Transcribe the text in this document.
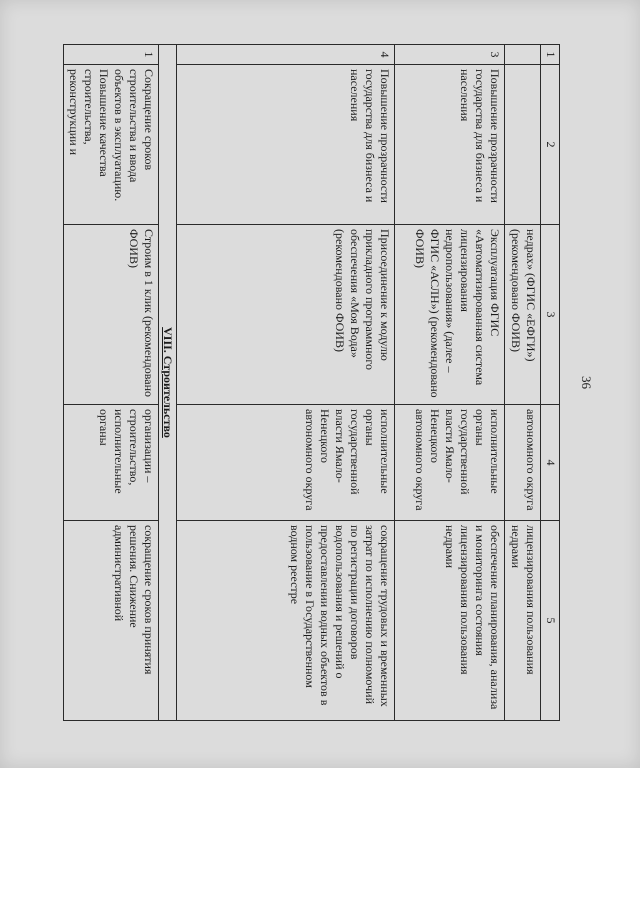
36
1	2	3	4	5
		недрах» (ФГИС «ЕФГИ») (рекомендовано ФОИВ)	автономного округа	лицензирования пользования недрами
3	Повышение прозрачности государства для бизнеса и населения	Эксплуатация ФГИС «Автоматизированная система лицензирования недропользования» (далее – ФГИС «АСЛН») (рекомендовано ФОИВ)	исполнительные органы государственной власти Ямало-Ненецкого автономного округа	обеспечение планирования, анализа и мониторинга состояния лицензирования пользования недрами
4	Повышение прозрачности государства для бизнеса и населения	Присоединение к модулю прикладного программного обеспечения «Моя Вода» (рекомендовано ФОИВ)	исполнительные органы государственной власти Ямало-Ненецкого автономного округа	сокращение трудовых и временных затрат по исполнению полномочий по регистрации договоров водопользования и решений о предоставлении водных объектов в пользование в Государственном водном реестре
VIII. Строительство				
1	Сокращение сроков строительства и ввода объектов в эксплуатацию. Повышение качества строительства, реконструкции и	Строим в 1 клик (рекомендовано ФОИВ)	организации – строительство, исполнительные органы	сокращение сроков принятия решения. Снижение административной
